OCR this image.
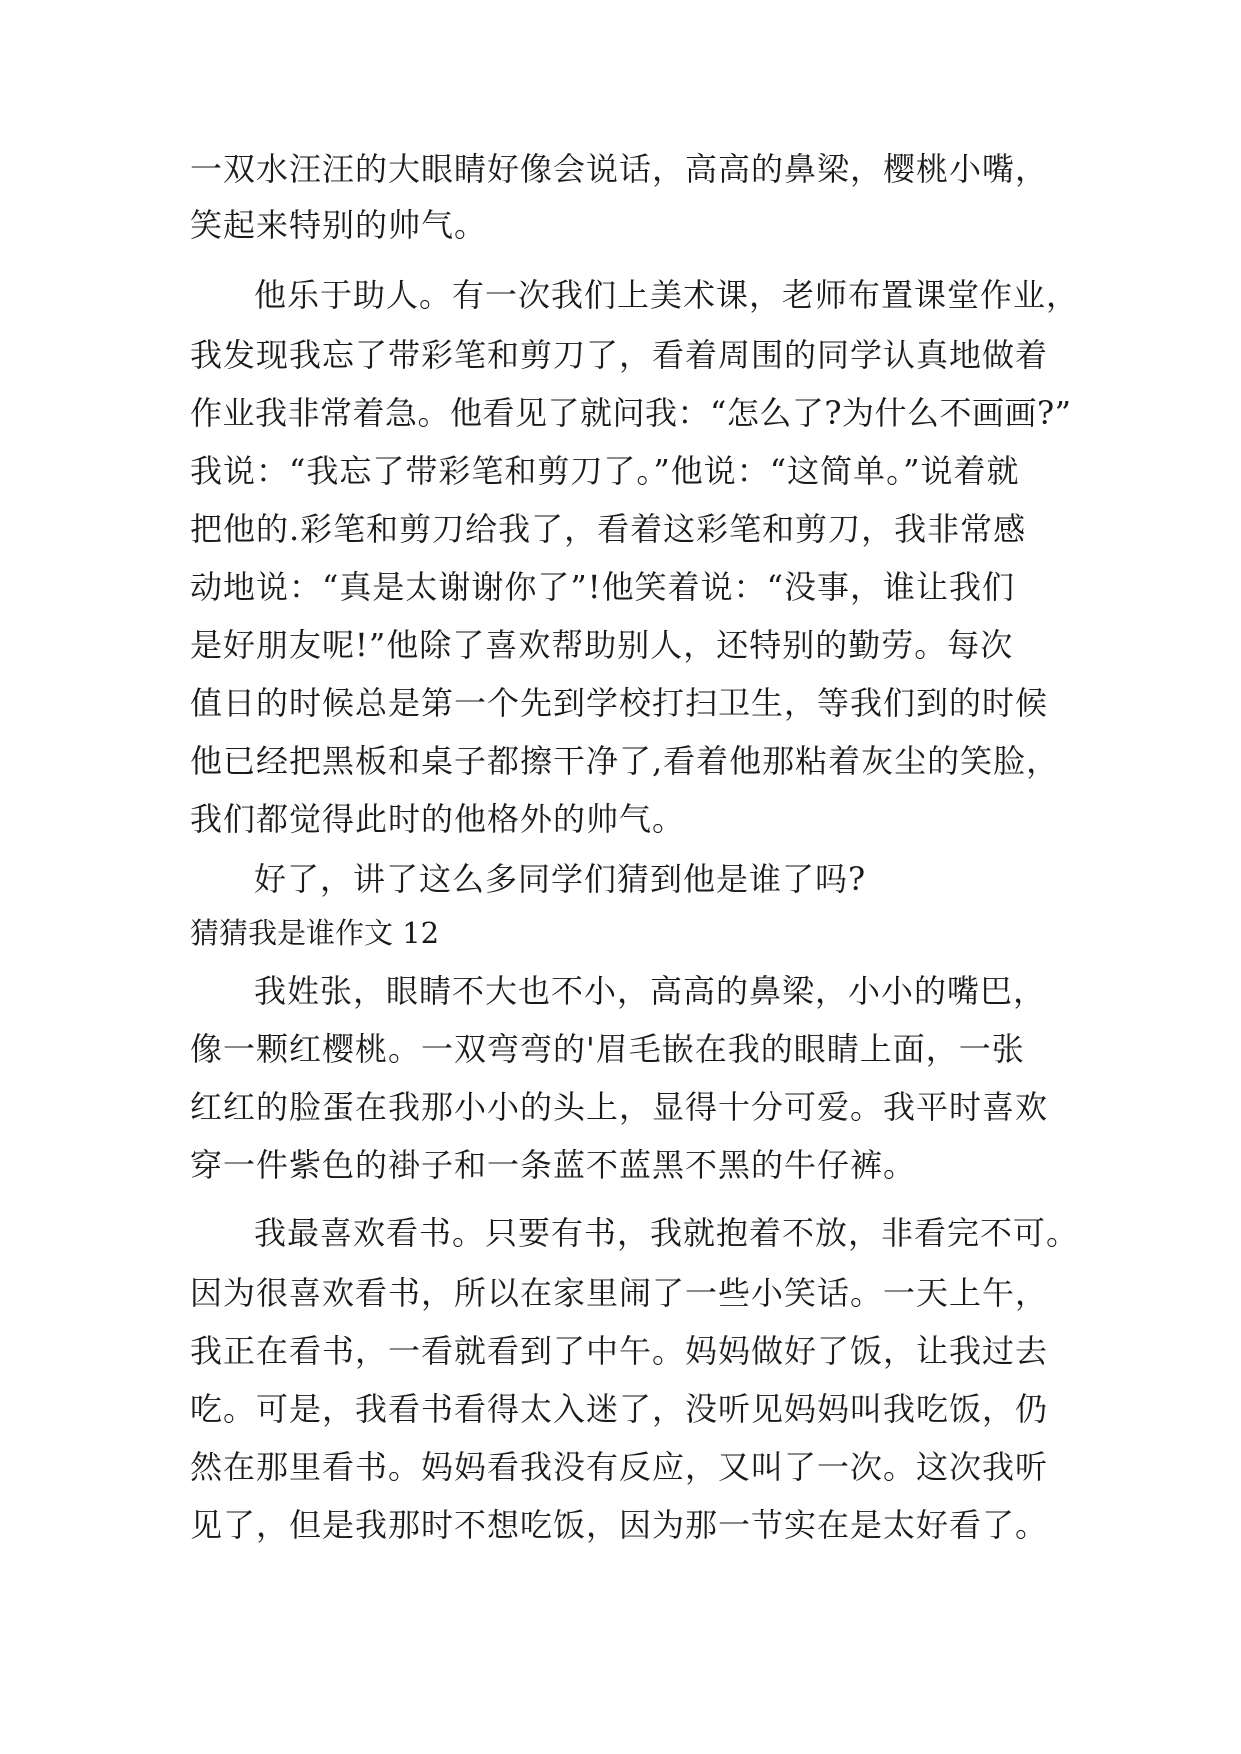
一双水汪汪的大眼睛好像会说话，高高的鼻梁，樱桃小嘴，
笑起来特别的帅气。
他乐于助人。有一次我们上美术课，老师布置课堂作业，
我发现我忘了带彩笔和剪刀了，看着周围的同学认真地做着
作业我非常着急。他看见了就问我：“怎么了?为什么不画画?”
我说：“我忘了带彩笔和剪刀了。”他说：“这简单。”说着就
把他的.彩笔和剪刀给我了，看着这彩笔和剪刀，我非常感
动地说：“真是太谢谢你了”!他笑着说：“没事，谁让我们
是好朋友呢!”他除了喜欢帮助别人，还特别的勤劳。每次
值日的时候总是第一个先到学校打扫卫生，等我们到的时候
他已经把黑板和桌子都擦干净了,看着他那粘着灰尘的笑脸，
我们都觉得此时的他格外的帅气。
好了，讲了这么多同学们猜到他是谁了吗?
猜猜我是谁作文 12
我姓张，眼睛不大也不小，高高的鼻梁，小小的嘴巴，
像一颗红樱桃。一双弯弯的'眉毛嵌在我的眼睛上面，一张
红红的脸蛋在我那小小的头上，显得十分可爱。我平时喜欢
穿一件紫色的褂子和一条蓝不蓝黑不黑的牛仔裤。
我最喜欢看书。只要有书，我就抱着不放，非看完不可。
因为很喜欢看书，所以在家里闹了一些小笑话。一天上午，
我正在看书，一看就看到了中午。妈妈做好了饭，让我过去
吃。可是，我看书看得太入迷了，没听见妈妈叫我吃饭，仍
然在那里看书。妈妈看我没有反应，又叫了一次。这次我听
见了，但是我那时不想吃饭，因为那一节实在是太好看了。
